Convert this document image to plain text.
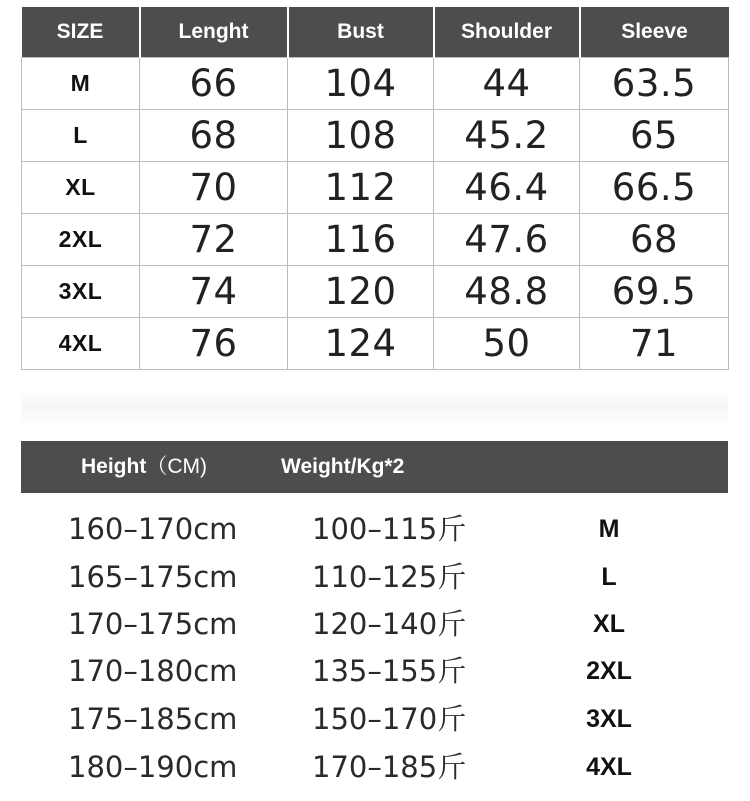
SIZE	Lenght	Bust	Shoulder	Sleeve
M	66	104	44	63.5
L	68	108	45.2	65
XL	70	112	46.4	66.5
2XL	72	116	47.6	68
3XL	74	120	48.8	69.5
4XL	76	124	50	71
Height（CM)	Weight/Kg*2
160–170cm	100–115斤	M
165–175cm	110–125斤	L
170–175cm	120–140斤	XL
170–180cm	135–155斤	2XL
175–185cm	150–170斤	3XL
180–190cm	170–185斤	4XL
